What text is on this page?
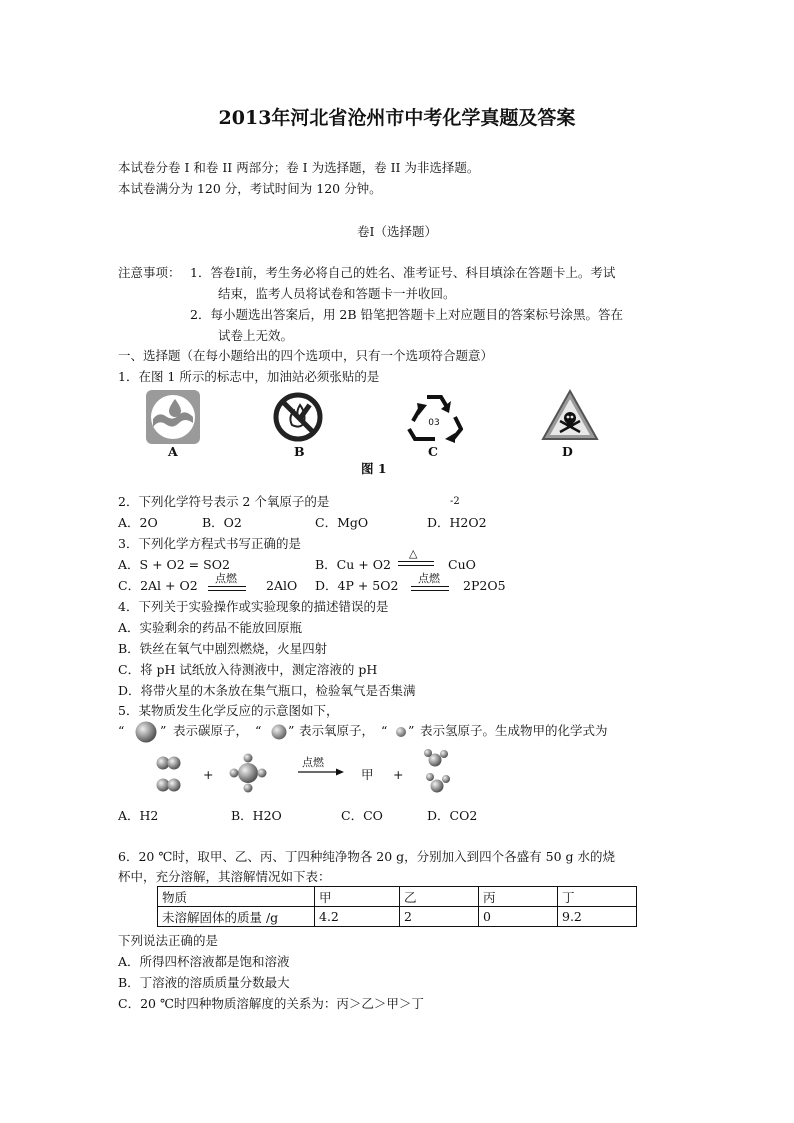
2013年河北省沧州市中考化学真题及答案
本试卷分卷 I 和卷 II 两部分；卷 I 为选择题，卷 II 为非选择题。
本试卷满分为 120 分，考试时间为 120 分钟。
卷Ⅰ（选择题）
注意事项： 1．答卷Ⅰ前，考生务必将自己的姓名、准考证号、科目填涂在答题卡上。考试
结束，监考人员将试卷和答题卡一并收回。
2．每小题选出答案后，用 2B 铅笔把答题卡上对应题目的答案标号涂黑。答在
试卷上无效。
一、选择题（在每小题给出的四个选项中，只有一个选项符合题意）
1．在图 1 所示的标志中，加油站必须张贴的是
03
A	B	C	D
图 1
2．下列化学符号表示 2 个氧原子的是	-2
A．2O	B．O2	C．MgO	D．H2O2
3．下列化学方程式书写正确的是
A．S + O2 = SO2	B．Cu + O2
△
CuO
C．2Al + O2 点燃 2AlO D．4P + 5O2 点燃 2P2O5
4．下列关于实验操作或实验现象的描述错误的是
A．实验剩余的药品不能放回原瓶
B．铁丝在氧气中剧烈燃烧，火星四射
C．将 pH 试纸放入待测液中，测定溶液的 pH
D．将带火星的木条放在集气瓶口，检验氧气是否集满
5．某物质发生化学反应的示意图如下，
“	” 表示碳原子， “ ” 表示氧原子， “ ” 表示氢原子。生成物甲的化学式为
+
点燃
甲 +
A．H2	B．H2O	C．CO	D．CO2
6．20 ℃时，取甲、乙、丙、丁四种纯净物各 20 g，分别加入到四个各盛有 50 g 水的烧
杯中，充分溶解，其溶解情况如下表：
物质	甲	乙	丙	丁
未溶解固体的质量 /g	4.2	2	0	9.2
下列说法正确的是
A．所得四杯溶液都是饱和溶液
B．丁溶液的溶质质量分数最大
C．20 ℃时四种物质溶解度的关系为：丙＞乙＞甲＞丁
